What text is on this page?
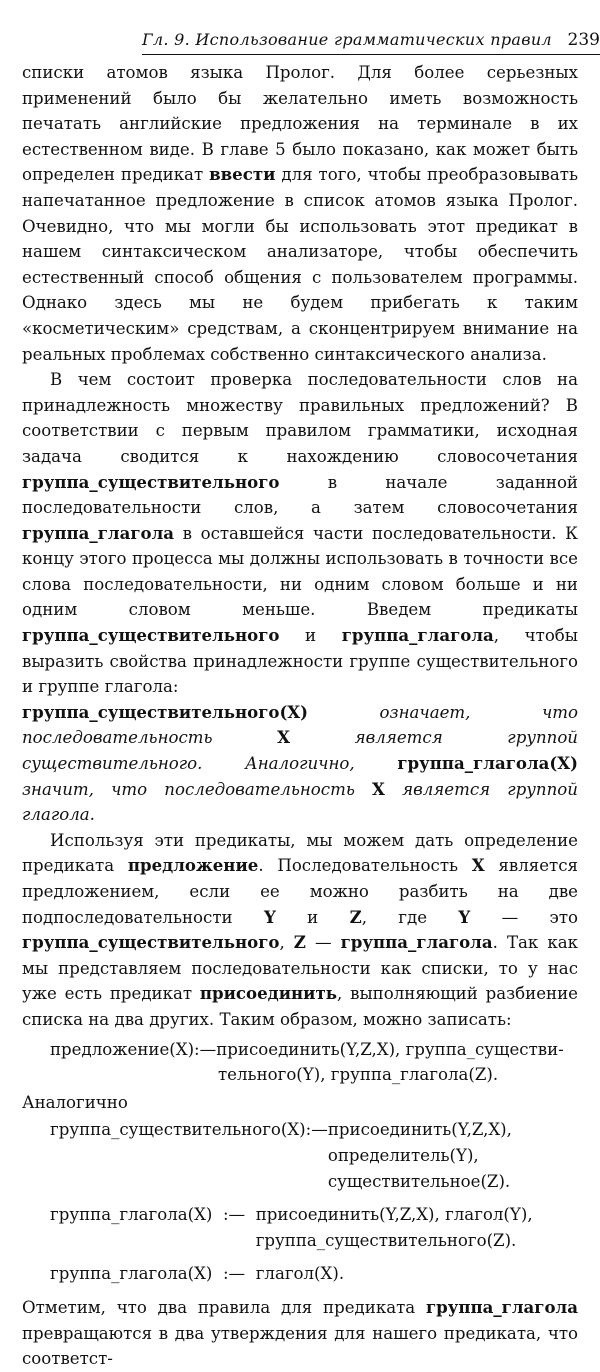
Гл. 9. Использование грамматических правил 239

списки атомов языка Пролог. Для более серьезных применений было бы желательно иметь возможность печатать английские предложения на терминале в их естественном виде. В главе 5 было показано, как может быть определен предикат ввести для того, чтобы преобразовывать напечатанное предложение в список атомов языка Пролог. Очевидно, что мы могли бы использовать этот предикат в нашем синтаксическом анализаторе, чтобы обеспечить естественный способ общения с пользователем программы. Однако здесь мы не будем прибегать к таким «косметическим» средствам, а сконцентрируем внимание на реальных проблемах собственно синтаксического анализа.

В чем состоит проверка последовательности слов на принадлежность множеству правильных предложений? В соответствии с первым правилом грамматики, исходная задача сводится к нахождению словосочетания группа_существительного в начале заданной последовательности слов, а затем словосочетания группа_глагола в оставшейся части последовательности. К концу этого процесса мы должны использовать в точности все слова последовательности, ни одним словом больше и ни одним словом меньше. Введем предикаты группа_существительного и группа_глагола, чтобы выразить свойства принадлежности группе существительного и группе глагола:

группа_существительного(Х) означает, что последовательность Х является группой существительного. Аналогично, группа_глагола(Х) значит, что последовательность Х является группой глагола.

Используя эти предикаты, мы можем дать определение предиката предложение. Последовательность Х является предложением, если ее можно разбить на две подпоследовательности Y и Z, где Y — это группа_существительного, Z — группа_глагола. Так как мы представляем последовательности как списки, то у нас уже есть предикат присоединить, выполняющий разбиение списка на два других. Таким образом, можно записать:

предложение(Х):—присоединить(Y,Z,X), группа_существи-
тельного(Y), группа_глагола(Z).

Аналогично

группа_существительного(Х) :— присоединить(Y,Z,X), определитель(Y), существительное(Z).
группа_глагола(Х) :— присоединить(Y,Z,X), глагол(Y), группа_существительного(Z).
группа_глагола(Х) :— глагол(Х).

Отметим, что два правила для предиката группа_глагола превращаются в два утверждения для нашего предиката, что соответст-
